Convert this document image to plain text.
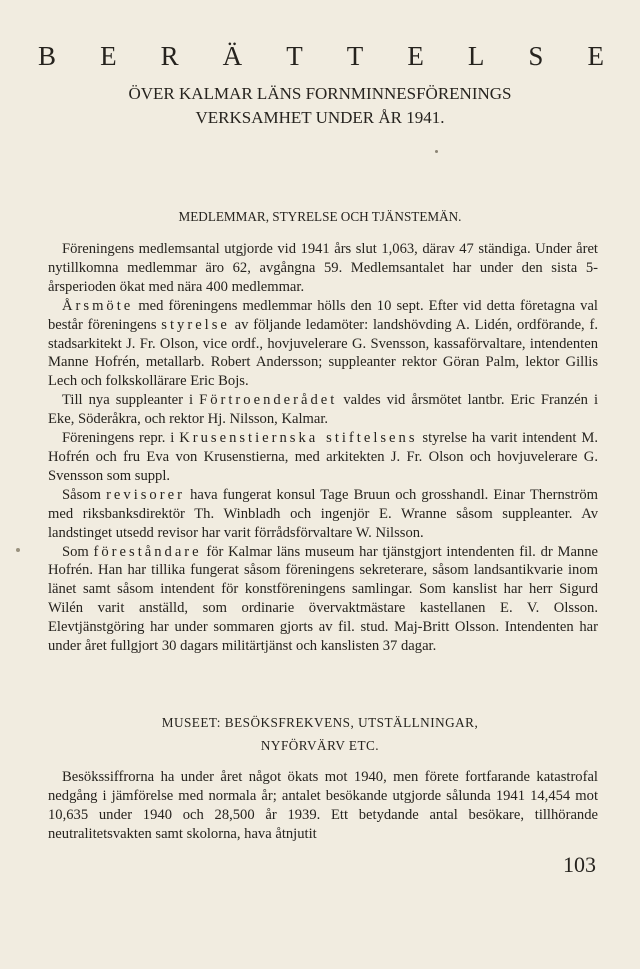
B E R Ä T T E L S E
ÖVER KALMAR LÄNS FORNMINNESFÖRENINGS
VERKSAMHET UNDER ÅR 1941.
MEDLEMMAR, STYRELSE OCH TJÄNSTEMÄN.

Föreningens medlemsantal utgjorde vid 1941 års slut 1,063, därav 47 ständiga. Under året nytillkomna medlemmar äro 62, avgångna 59. Medlemsantalet har under den sista 5-årsperioden ökat med nära 400 medlemmar.

Årsmöte med föreningens medlemmar hölls den 10 sept. Efter vid detta företagna val består föreningens styrelse av följande ledamöter: landshövding A. Lidén, ordförande, f. stadsarkitekt J. Fr. Olson, vice ordf., hovjuvelerare G. Svensson, kassaförvaltare, intendenten Manne Hofrén, metallarb. Robert Andersson; suppleanter rektor Göran Palm, lektor Gillis Lech och folkskollärare Eric Bojs.

Till nya suppleanter i Förtroenderådet valdes vid årsmötet lantbr. Eric Franzén i Eke, Söderåkra, och rektor Hj. Nilsson, Kalmar.

Föreningens repr. i Krusenstiernska stiftelsens styrelse ha varit intendent M. Hofrén och fru Eva von Krusenstierna, med arkitekten J. Fr. Olson och hovjuvelerare G. Svensson som suppl.

Såsom revisorer hava fungerat konsul Tage Bruun och grosshandl. Einar Thernström med riksbanksdirektör Th. Winbladh och ingenjör E. Wranne såsom suppleanter. Av landstinget utsedd revisor har varit förrådsförvaltare W. Nilsson.

Som föreståndare för Kalmar läns museum har tjänstgjort intendenten fil. dr Manne Hofrén. Han har tillika fungerat såsom föreningens sekreterare, såsom landsantikvarie inom länet samt såsom intendent för konstföreningens samlingar. Som kanslist har herr Sigurd Wilén varit anställd, som ordinarie övervaktmästare kastellanen E. V. Olsson. Elevtjänstgöring har under sommaren gjorts av fil. stud. Maj-Britt Olsson. Intendenten har under året fullgjort 30 dagars militärtjänst och kanslisten 37 dagar.

MUSEET: BESÖKSFREKVENS, UTSTÄLLNINGAR,
NYFÖRVÄRV ETC.

Besökssiffrorna ha under året något ökats mot 1940, men förete fortfarande katastrofal nedgång i jämförelse med normala år; antalet besökande utgjorde sålunda 1941 14,454 mot 10,635 under 1940 och 28,500 år 1939. Ett betydande antal besökare, tillhörande neutralitetsvakten samt skolorna, hava åtnjutit

103
